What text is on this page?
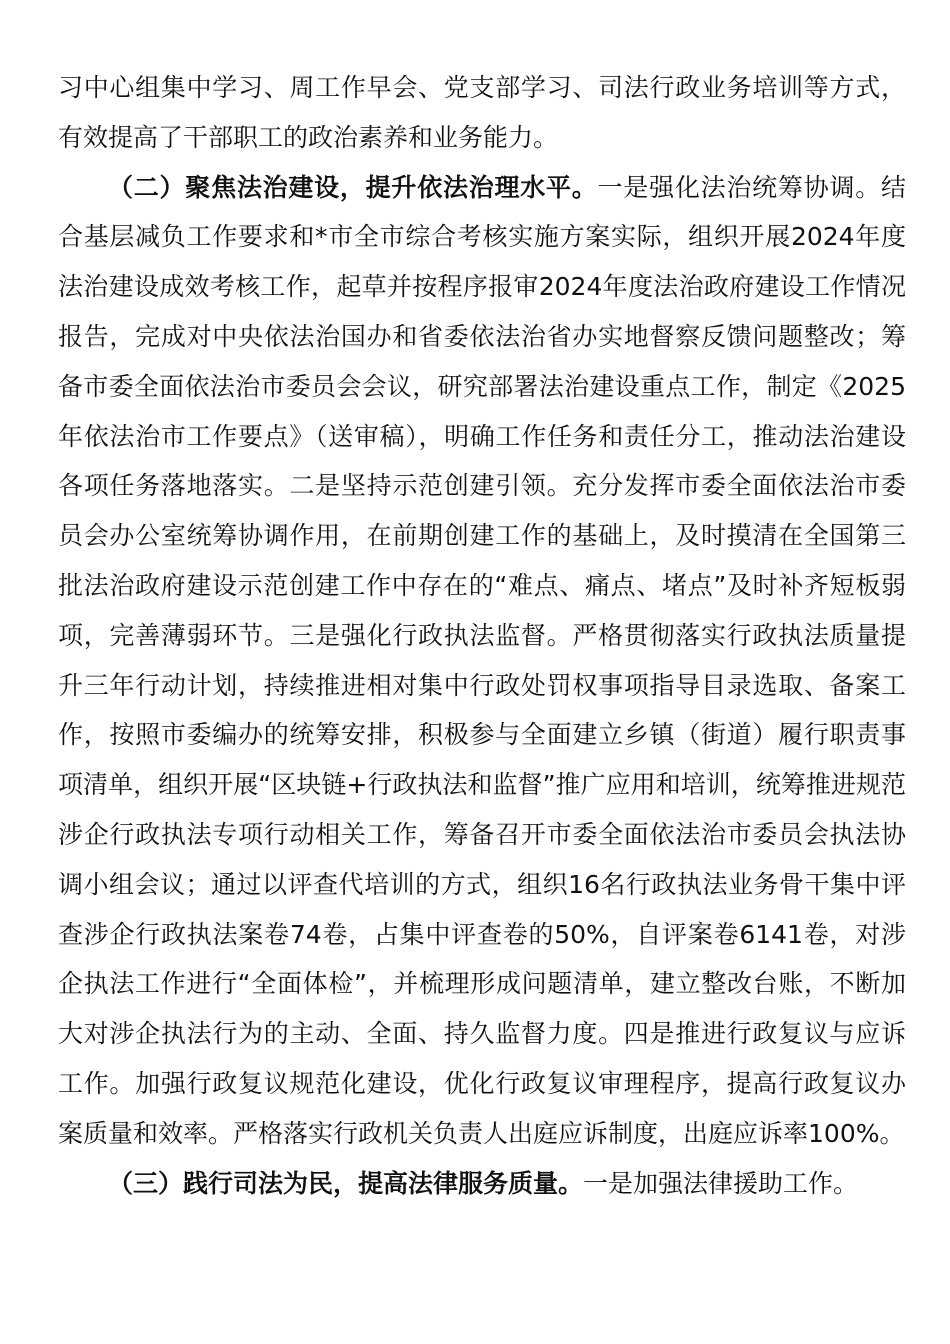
习中心组集中学习、周工作早会、党支部学习、司法行政业务培训等方式，有效提高了干部职工的政治素养和业务能力。

（二）聚焦法治建设，提升依法治理水平。一是强化法治统筹协调。结合基层减负工作要求和*市全市综合考核实施方案实际，组织开展2024年度法治建设成效考核工作，起草并按程序报审2024年度法治政府建设工作情况报告，完成对中央依法治国办和省委依法治省办实地督察反馈问题整改；筹备市委全面依法治市委员会会议，研究部署法治建设重点工作，制定《2025年依法治市工作要点》（送审稿），明确工作任务和责任分工，推动法治建设各项任务落地落实。二是坚持示范创建引领。充分发挥市委全面依法治市委员会办公室统筹协调作用，在前期创建工作的基础上，及时摸清在全国第三批法治政府建设示范创建工作中存在的“难点、痛点、堵点”及时补齐短板弱项，完善薄弱环节。三是强化行政执法监督。严格贯彻落实行政执法质量提升三年行动计划，持续推进相对集中行政处罚权事项指导目录选取、备案工作，按照市委编办的统筹安排，积极参与全面建立乡镇（街道）履行职责事项清单，组织开展“区块链+行政执法和监督”推广应用和培训，统筹推进规范涉企行政执法专项行动相关工作，筹备召开市委全面依法治市委员会执法协调小组会议；通过以评查代培训的方式，组织16名行政执法业务骨干集中评查涉企行政执法案卷74卷，占集中评查卷的50%，自评案卷6141卷，对涉企执法工作进行“全面体检”，并梳理形成问题清单，建立整改台账，不断加大对涉企执法行为的主动、全面、持久监督力度。四是推进行政复议与应诉工作。加强行政复议规范化建设，优化行政复议审理程序，提高行政复议办案质量和效率。严格落实行政机关负责人出庭应诉制度，出庭应诉率100%。

（三）践行司法为民，提高法律服务质量。一是加强法律援助工作。
